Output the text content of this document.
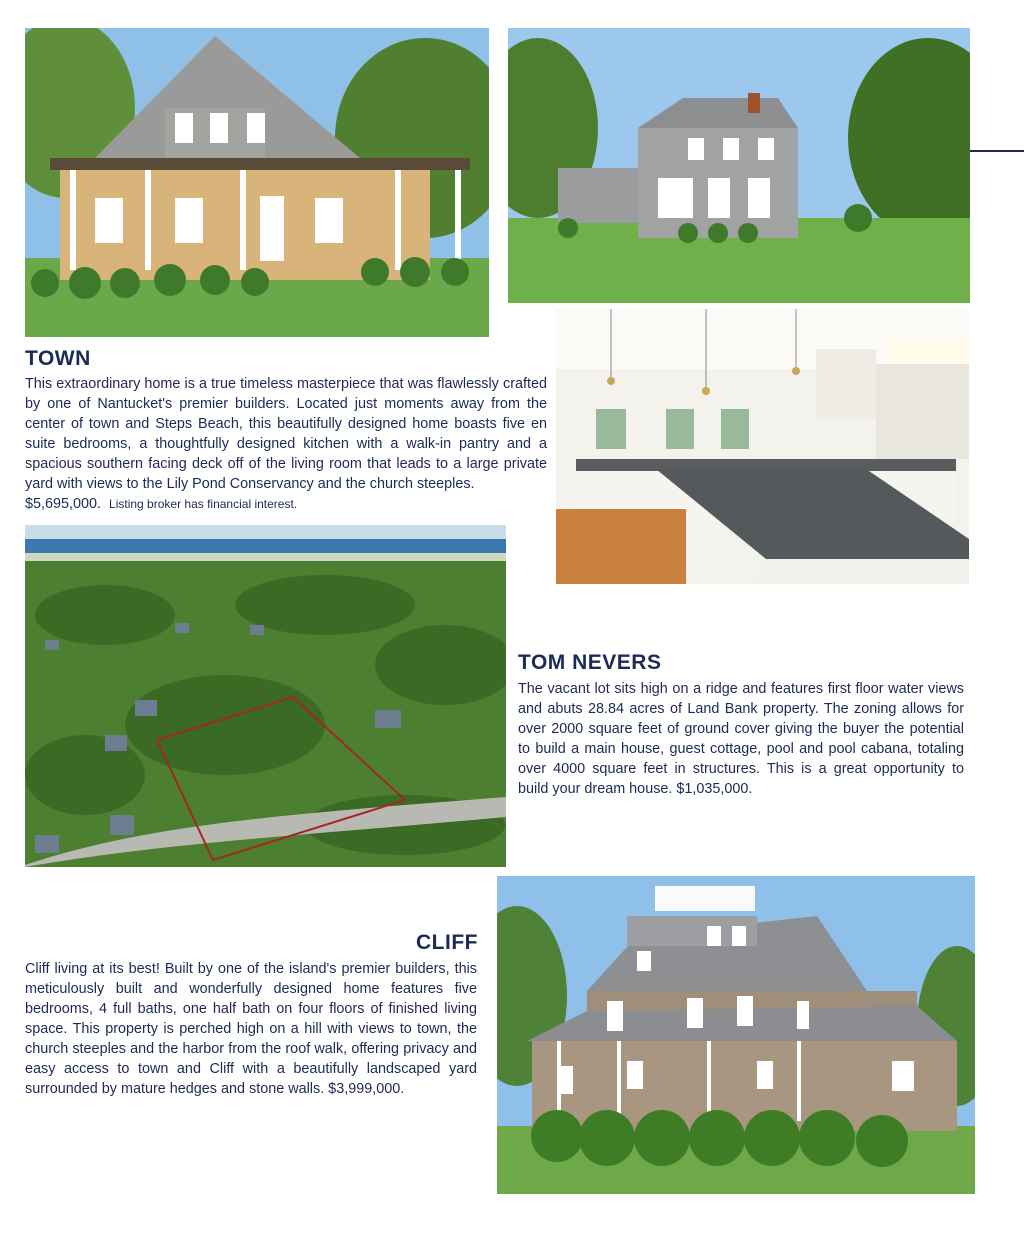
TOWN

This extraordinary home is a true timeless masterpiece that was flawlessly crafted by one of Nantucket's premier builders. Located just moments away from the center of town and Steps Beach, this beautifully designed home boasts five en suite bedrooms, a thoughtfully designed kitchen with a walk-in pantry and a spacious southern facing deck off of the living room that leads to a large private yard with views to the Lily Pond Conservancy and the church steeples.
$5,695,000. Listing broker has financial interest.

TOM NEVERS

The vacant lot sits high on a ridge and features first floor water views and abuts 28.84 acres of Land Bank property. The zoning allows for over 2000 square feet of ground cover giving the buyer the potential to build a main house, guest cottage, pool and pool cabana, totaling over 4000 square feet in structures. This is a great opportunity to build your dream house. $1,035,000.

CLIFF

Cliff living at its best! Built by one of the island's premier builders, this meticulously built and wonderfully designed home features five bedrooms, 4 full baths, one half bath on four floors of finished living space. This property is perched high on a hill with views to town, the church steeples and the harbor from the roof walk, offering privacy and easy access to town and Cliff with a beautifully landscaped yard surrounded by mature hedges and stone walls. $3,999,000.
